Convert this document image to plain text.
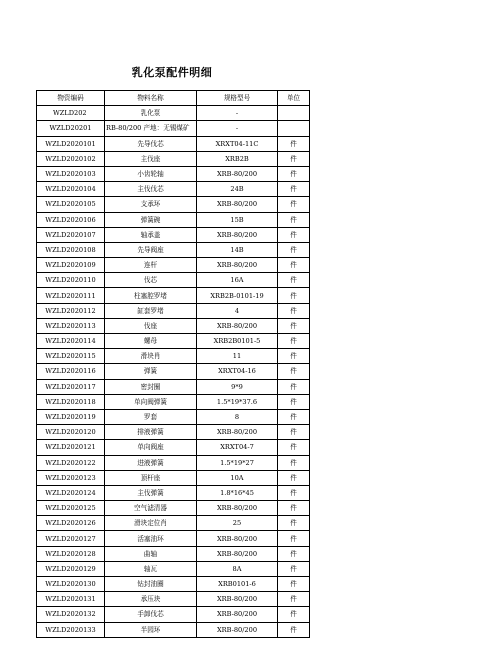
乳化泵配件明细
物资编码	物料名称	规格型号	单位
WZLD202	乳化泵	-	
WZLD20201	RB-80/200 产地：无锡煤矿	-	
WZLD2020101	先导伐芯	XRXT04-11C	件
WZLD2020102	主伐座	XRB2B	件
WZLD2020103	小齿轮轴	XRB-80/200	件
WZLD2020104	主伐伐芯	24B	件
WZLD2020105	支承环	XRB-80/200	件
WZLD2020106	弹簧碗	15B	件
WZLD2020107	轴承盖	XRB-80/200	件
WZLD2020108	先导阀座	14B	件
WZLD2020109	连杆	XRB-80/200	件
WZLD2020110	伐芯	16A	件
WZLD2020111	柱塞腔罗堵	XRB2B-0101-19	件
WZLD2020112	缸套罗堵	4	件
WZLD2020113	伐座	XRB-80/200	件
WZLD2020114	螺母	XRB2B0101-5	件
WZLD2020115	滑块肖	11	件
WZLD2020116	弹簧	XRXT04-16	件
WZLD2020117	密封圈	9*9	件
WZLD2020118	单向阀弹簧	1.5*19*37.6	件
WZLD2020119	罗套	8	件
WZLD2020120	排液弹簧	XRB-80/200	件
WZLD2020121	单向阀座	XRXT04-7	件
WZLD2020122	进液弹簧	1.5*19*27	件
WZLD2020123	顶杆座	10A	件
WZLD2020124	主伐弹簧	1.8*16*45	件
WZLD2020125	空气滤清器	XRB-80/200	件
WZLD2020126	滑块定位肖	25	件
WZLD2020127	活塞油环	XRB-80/200	件
WZLD2020128	曲轴	XRB-80/200	件
WZLD2020129	轴瓦	8A	件
WZLD2020130	钻封油圈	XRB0101-6	件
WZLD2020131	承压块	XRB-80/200	件
WZLD2020132	手卸伐芯	XRB-80/200	件
WZLD2020133	半园环	XRB-80/200	件
